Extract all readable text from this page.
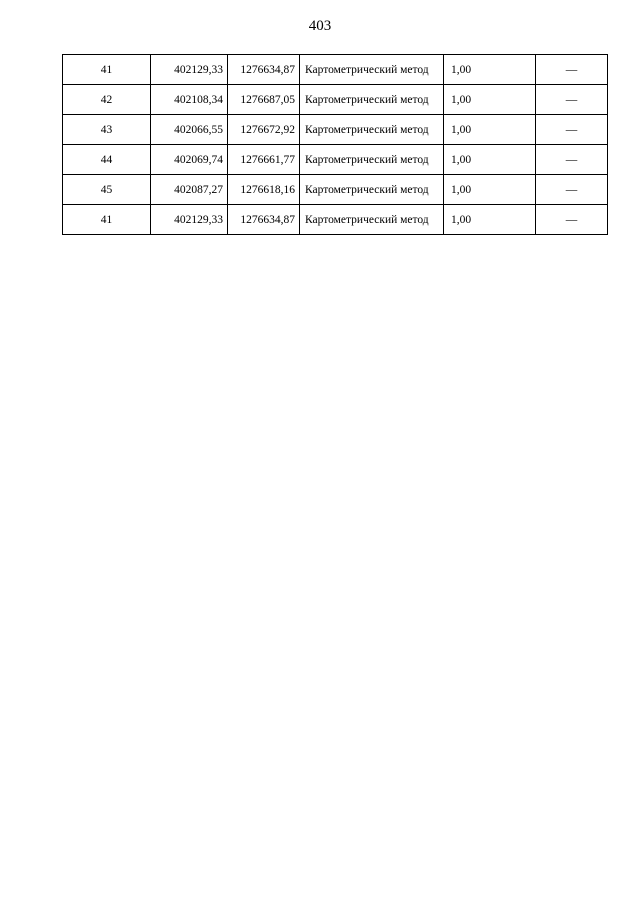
403
41	402129,33	1276634,87	Картометрический метод	1,00	—
42	402108,34	1276687,05	Картометрический метод	1,00	—
43	402066,55	1276672,92	Картометрический метод	1,00	—
44	402069,74	1276661,77	Картометрический метод	1,00	—
45	402087,27	1276618,16	Картометрический метод	1,00	—
41	402129,33	1276634,87	Картометрический метод	1,00	—
